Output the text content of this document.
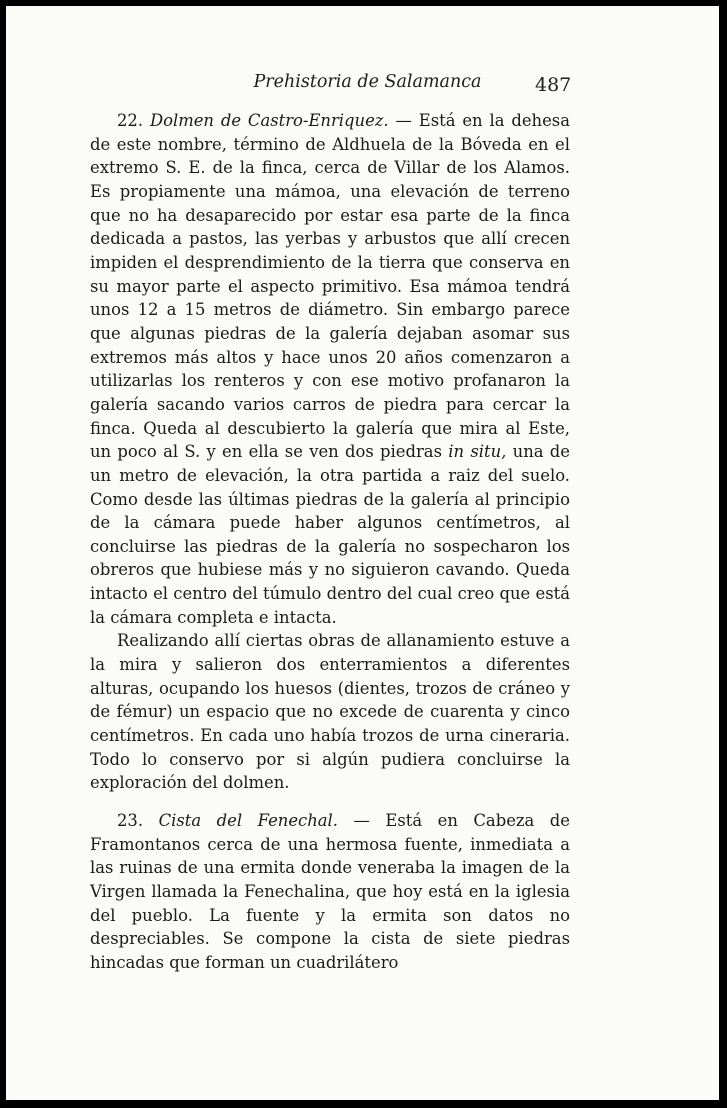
Prehistoria de Salamanca	487

22. Dolmen de Castro-Enriquez. — Está en la dehesa de este nombre, término de Aldhuela de la Bóveda en el extremo S. E. de la finca, cerca de Villar de los Alamos. Es propiamente una mámoa, una elevación de terreno que no ha desaparecido por estar esa parte de la finca dedicada a pastos, las yerbas y arbustos que allí crecen impiden el desprendimiento de la tierra que conserva en su mayor parte el aspecto primitivo. Esa mámoa tendrá unos 12 a 15 metros de diámetro. Sin embargo parece que algunas piedras de la galería dejaban asomar sus extremos más altos y hace unos 20 años comenzaron a utilizarlas los renteros y con ese motivo profanaron la galería sacando varios carros de piedra para cercar la finca. Queda al descubierto la galería que mira al Este, un poco al S. y en ella se ven dos piedras in situ, una de un metro de elevación, la otra partida a raiz del suelo. Como desde las últimas piedras de la galería al principio de la cámara puede haber algunos centímetros, al concluirse las piedras de la galería no sospecharon los obreros que hubiese más y no siguieron cavando. Queda intacto el centro del túmulo dentro del cual creo que está la cámara completa e intacta.

Realizando allí ciertas obras de allanamiento estuve a la mira y salieron dos enterramientos a diferentes alturas, ocupando los huesos (dientes, trozos de cráneo y de fémur) un espacio que no excede de cuarenta y cinco centímetros. En cada uno había trozos de urna cineraria. Todo lo conservo por si algún pudiera concluirse la exploración del dolmen.

23. Cista del Fenechal. — Está en Cabeza de Framontanos cerca de una hermosa fuente, inmediata a las ruinas de una ermita donde veneraba la imagen de la Virgen llamada la Fenechalina, que hoy está en la iglesia del pueblo. La fuente y la ermita son datos no despreciables. Se compone la cista de siete piedras hincadas que forman un cuadrilátero
